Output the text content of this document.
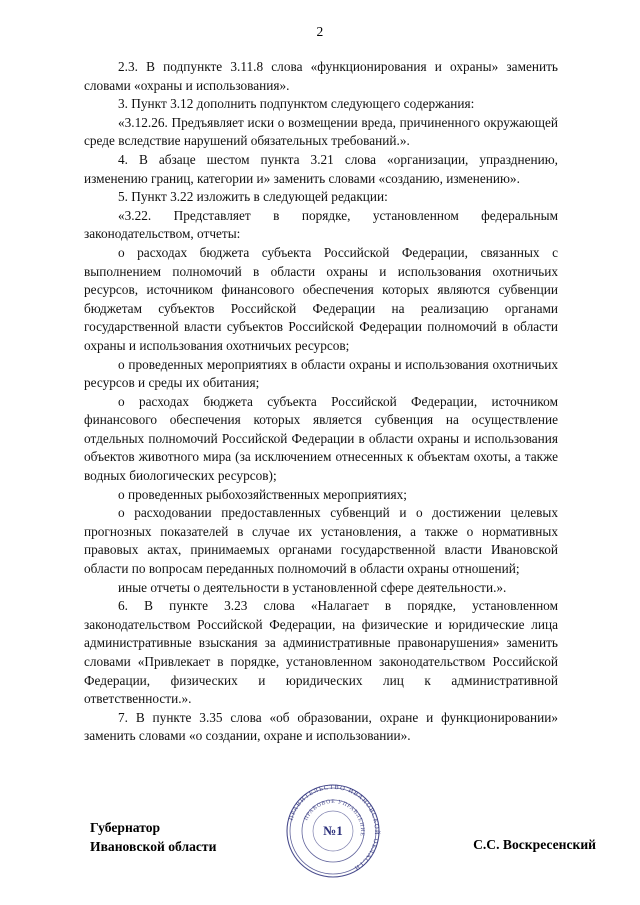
2

2.3. В подпункте 3.11.8 слова «функционирования и охраны» заменить словами «охраны и использования».

3. Пункт 3.12 дополнить подпунктом следующего содержания:

«3.12.26. Предъявляет иски о возмещении вреда, причиненного окружающей среде вследствие нарушений обязательных требований.».

4. В абзаце шестом пункта 3.21 слова «организации, упразднению, изменению границ, категории и» заменить словами «созданию, изменению».

5. Пункт 3.22 изложить в следующей редакции:

«3.22. Представляет в порядке, установленном федеральным законодательством, отчеты:

о расходах бюджета субъекта Российской Федерации, связанных с выполнением полномочий в области охраны и использования охотничьих ресурсов, источником финансового обеспечения которых являются субвенции бюджетам субъектов Российской Федерации на реализацию органами государственной власти субъектов Российской Федерации полномочий в области охраны и использования охотничьих ресурсов;

о проведенных мероприятиях в области охраны и использования охотничьих ресурсов и среды их обитания;

о расходах бюджета субъекта Российской Федерации, источником финансового обеспечения которых является субвенция на осуществление отдельных полномочий Российской Федерации в области охраны и использования объектов животного мира (за исключением отнесенных к объектам охоты, а также водных биологических ресурсов);

о проведенных рыбохозяйственных мероприятиях;

о расходовании предоставленных субвенций и о достижении целевых прогнозных показателей в случае их установления, а также о нормативных правовых актах, принимаемых органами государственной власти Ивановской области по вопросам переданных полномочий в области охраны отношений;

иные отчеты о деятельности в установленной сфере деятельности.».

6. В пункте 3.23 слова «Налагает в порядке, установленном законодательством Российской Федерации, на физические и юридические лица административные взыскания за административные правонарушения» заменить словами «Привлекает в порядке, установленном законодательством Российской Федерации, физических и юридических лиц к административной ответственности.».

7. В пункте 3.35 слова «об образовании, охране и функционировании» заменить словами «о создании, охране и использовании».

Губернатор
Ивановской области	С.С. Воскресенский
ПРАВИТЕЛЬСТВО ИВАНОВСКОЙ ОБЛАСТИ
ПРАВОВОЕ УПРАВЛЕНИЕ
№1
